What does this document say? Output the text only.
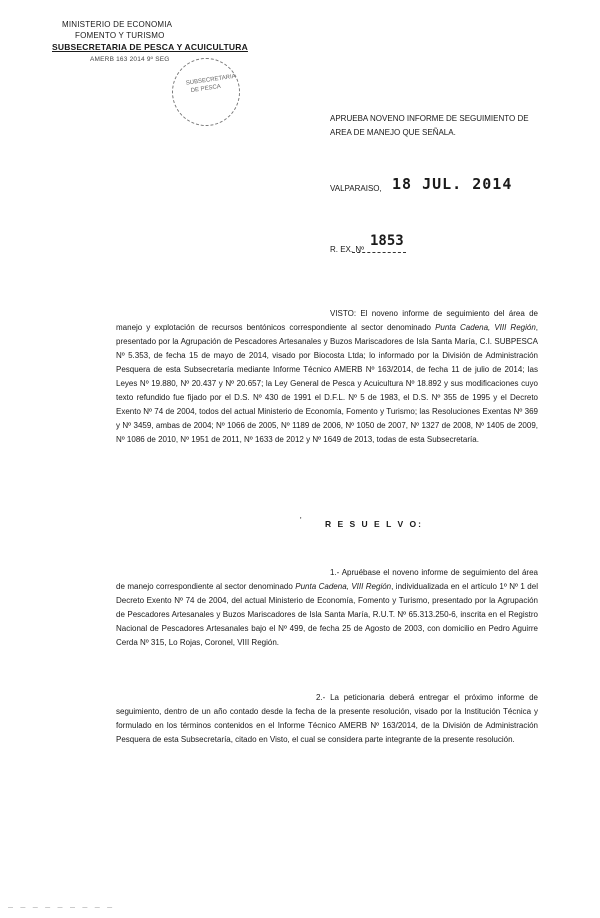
MINISTERIO DE ECONOMIA
FOMENTO Y TURISMO
SUBSECRETARIA DE PESCA Y ACUICULTURA
AMERB 163 2014 9º SEG
SUBSECRETARIA DE PESCA
APRUEBA NOVENO INFORME DE SEGUIMIENTO DE AREA DE MANEJO QUE SEÑALA.
VALPARAISO, 18 JUL. 2014
1853
R. EX. Nº
VISTO: El noveno informe de seguimiento del área de manejo y explotación de recursos bentónicos correspondiente al sector denominado Punta Cadena, VIII Región, presentado por la Agrupación de Pescadores Artesanales y Buzos Mariscadores de Isla Santa María, C.I. SUBPESCA Nº 5.353, de fecha 15 de mayo de 2014, visado por Biocosta Ltda; lo informado por la División de Administración Pesquera de esta Subsecretaría mediante Informe Técnico AMERB Nº 163/2014, de fecha 11 de julio de 2014; las Leyes Nº 19.880, Nº 20.437 y Nº 20.657; la Ley General de Pesca y Acuicultura Nº 18.892 y sus modificaciones cuyo texto refundido fue fijado por el D.S. Nº 430 de 1991 el D.F.L. Nº 5 de 1983, el D.S. Nº 355 de 1995 y el Decreto Exento Nº 74 de 2004, todos del actual Ministerio de Economía, Fomento y Turismo; las Resoluciones Exentas Nº 369 y Nº 3459, ambas de 2004; Nº 1066 de 2005, Nº 1189 de 2006, Nº 1050 de 2007, Nº 1327 de 2008, Nº 1405 de 2009, Nº 1086 de 2010, Nº 1951 de 2011, Nº 1633 de 2012 y Nº 1649 de 2013, todas de esta Subsecretaría.
'	R E S U E L V O:
1.- Apruébase el noveno informe de seguimiento del área de manejo correspondiente al sector denominado Punta Cadena, VIII Región, individualizada en el artículo 1º Nº 1 del Decreto Exento Nº 74 de 2004, del actual Ministerio de Economía, Fomento y Turismo, presentado por la Agrupación de Pescadores Artesanales y Buzos Mariscadores de Isla Santa María, R.U.T. Nº 65.313.250-6, inscrita en el Registro Nacional de Pescadores Artesanales bajo el Nº 499, de fecha 25 de Agosto de 2003, con domicilio en Pedro Aguirre Cerda Nº 315, Lo Rojas, Coronel, VIII Región.
2.- La peticionaria deberá entregar el próximo informe de seguimiento, dentro de un año contado desde la fecha de la presente resolución, visado por la Institución Técnica y formulado en los términos contenidos en el Informe Técnico AMERB Nº 163/2014, de la División de Administración Pesquera de esta Subsecretaría, citado en Visto, el cual se considera parte integrante de la presente resolución.
— — — — — — — — —
